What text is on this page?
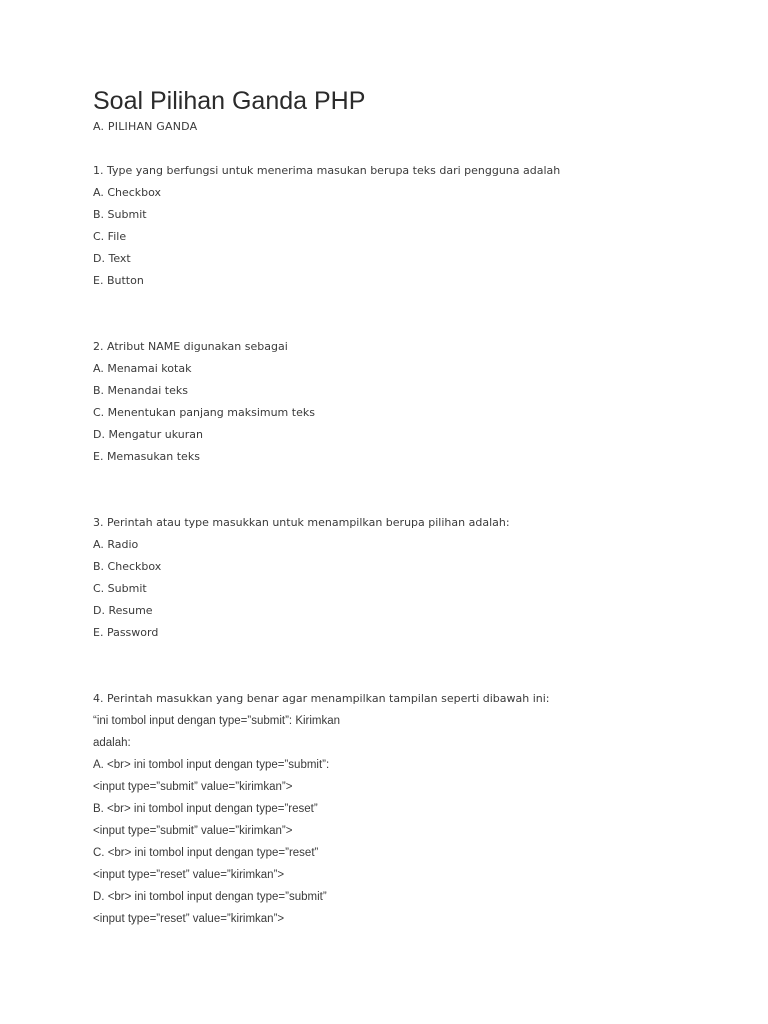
Soal Pilihan Ganda PHP

A. PILIHAN GANDA

1. Type yang berfungsi untuk menerima masukan berupa teks dari pengguna adalah

A. Checkbox

B. Submit

C. File

D. Text

E. Button

2. Atribut NAME digunakan sebagai

A. Menamai kotak

B. Menandai teks

C. Menentukan panjang maksimum teks

D. Mengatur ukuran

E. Memasukan teks

3. Perintah atau type masukkan untuk menampilkan berupa pilihan adalah:

A. Radio

B. Checkbox

C. Submit

D. Resume

E. Password

4. Perintah masukkan yang benar agar menampilkan tampilan seperti dibawah ini:

“ini tombol input dengan type=”submit”: Kirimkan

adalah:

A. <br> ini tombol input dengan type=”submit”:

<input type=”submit” value=”kirimkan”>

B. <br> ini tombol input dengan type=”reset”

<input type=”submit” value=”kirimkan”>

C. <br> ini tombol input dengan type=”reset”

<input type=”reset” value=”kirimkan”>

D. <br> ini tombol input dengan type=”submit”

<input type=”reset” value=”kirimkan”>
